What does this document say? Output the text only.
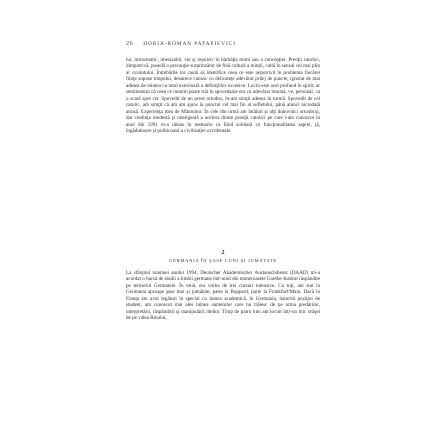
26 HORIA-ROMAN PATAPIEVICI

lui, mirosmatic, imesizabil, vie şi repulsiv în bărbăţia mimi sau a concepţiei. Preoţii catolici, dimpotrivă, posedă o precauţie surprinzător de fină cultură a minţii, cultă în sensul cel mai plin al cuvântului. Întrebările lor caută să identifice ceea ce este nepotrivit în problema fiecărei fiinţe supuse timpului, deoarece cunosc cu delicateţe adevărul prilej de puncte, ignorat de mai adesea de mintea cu totul exterioară a definiţiilor excesive. Lucru este acel profund în spirit, ar sentimentul că ceea ce numim poate trăi în spovedanie era cu adevărat lumină, ve, personal, ca o scară spre cer. Spovedit de un preot ortodox, m-am simţit adesea în turmă. Spovedit de cel catolic, am simţit că am am ajuns la punctul cel mai fin al sufletului, până atunci niciodată atinsă. Experienţa mea de Mântuitor. În cele din urmă am întâlnit şi alţi duhovnici ortodocşi, dar credinţa modestă şi inteligentă a acelora dintre preoţii catolici pe care i-am cunoscut în anul din 1991 m-a rămas în memorie ca fiind solidară cu funcţionalitatea asprei, ţă, îngăduitoare şi politicoasă a civilizaţiei occidentale.

2
GERMANIA ÎN ŞASE LUNI ŞI JUMĂTATE

La sfârşitul toamnei anului 1994, Deutscher Akademischer Austauschdienst (DAAD) mi-a acordat o bursă de studii a limbii germane într-unul din numeroasele Goethe-Institut răspândite pe teritoriul Germaniei. În total, era vorba de trei cursuri intensive. Cu toţi, am stat în Germania aproape şase luni şi jumătate, parte la Boppard, parte la Frankfurt/Main. Dacă în Franţa am avut legături în special cu lumea academică, în Germania, datorită poziţiei de student, am cunoscut mai ales lumea oamenilor care nu trăiesc de pe urma predărilor, interpretării, răspândirii şi manipulării ideilor. Timp de patru luni am locuit într-un mic orăşel de pe valea Rinului,
